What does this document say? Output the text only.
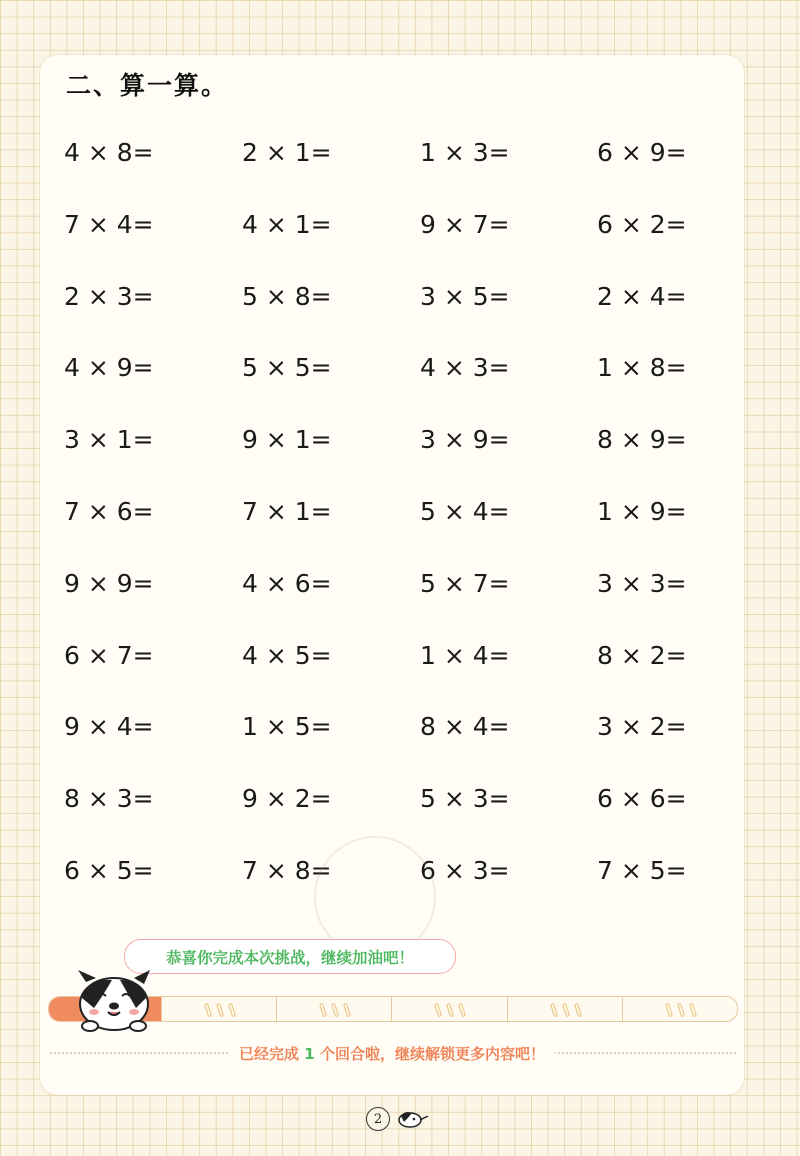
二、算一算。
4 × 8=	2 × 1=	1 × 3=	6 × 9=
7 × 4=	4 × 1=	9 × 7=	6 × 2=
2 × 3=	5 × 8=	3 × 5=	2 × 4=
4 × 9=	5 × 5=	4 × 3=	1 × 8=
3 × 1=	9 × 1=	3 × 9=	8 × 9=
7 × 6=	7 × 1=	5 × 4=	1 × 9=
9 × 9=	4 × 6=	5 × 7=	3 × 3=
6 × 7=	4 × 5=	1 × 4=	8 × 2=
9 × 4=	1 × 5=	8 × 4=	3 × 2=
8 × 3=	9 × 2=	5 × 3=	6 × 6=
6 × 5=	7 × 8=	6 × 3=	7 × 5=
恭喜你完成本次挑战，继续加油吧！
已经完成 1 个回合啦，继续解锁更多内容吧！
2
